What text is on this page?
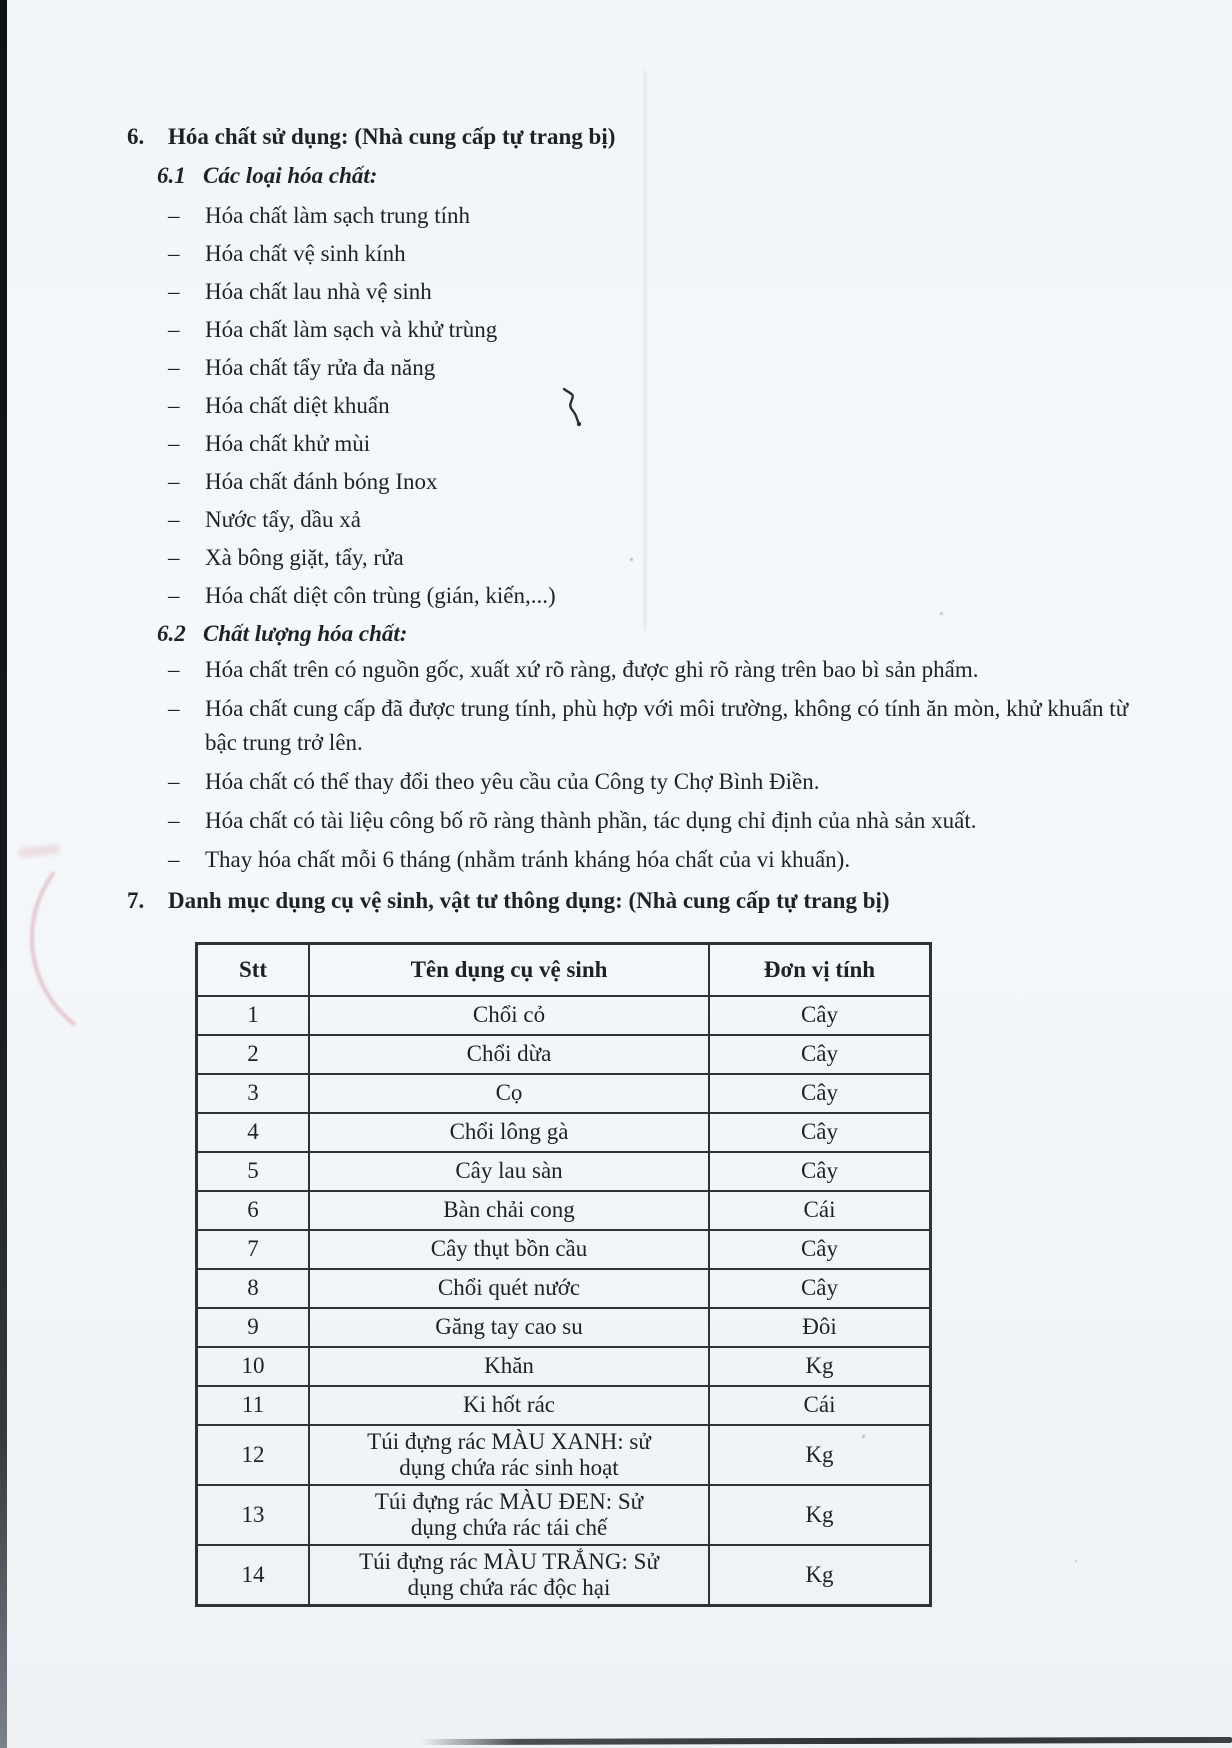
6.	Hóa chất sử dụng: (Nhà cung cấp tự trang bị)
6.1 Các loại hóa chất:
–	Hóa chất làm sạch trung tính
–	Hóa chất vệ sinh kính
–	Hóa chất lau nhà vệ sinh
–	Hóa chất làm sạch và khử trùng
–	Hóa chất tẩy rửa đa năng
–	Hóa chất diệt khuẩn
–	Hóa chất khử mùi
–	Hóa chất đánh bóng Inox
–	Nước tẩy, dầu xả
–	Xà bông giặt, tẩy, rửa
–	Hóa chất diệt côn trùng (gián, kiến,...)
6.2 Chất lượng hóa chất:
–	Hóa chất trên có nguồn gốc, xuất xứ rõ ràng, được ghi rõ ràng trên bao bì sản phẩm.
–	Hóa chất cung cấp đã được trung tính, phù hợp với môi trường, không có tính ăn mòn, khử khuẩn từ bậc trung trở lên.
–	Hóa chất có thể thay đổi theo yêu cầu của Công ty Chợ Bình Điền.
–	Hóa chất có tài liệu công bố rõ ràng thành phần, tác dụng chỉ định của nhà sản xuất.
–	Thay hóa chất mỗi 6 tháng (nhằm tránh kháng hóa chất của vi khuẩn).
7.	Danh mục dụng cụ vệ sinh, vật tư thông dụng: (Nhà cung cấp tự trang bị)
Stt	Tên dụng cụ vệ sinh	Đơn vị tính

1	Chổi cỏ	Cây

2	Chổi dừa	Cây

3	Cọ	Cây

4	Chổi lông gà	Cây

5	Cây lau sàn	Cây

6	Bàn chải cong	Cái

7	Cây thụt bồn cầu	Cây

8	Chổi quét nước	Cây

9	Găng tay cao su	Đôi

10	Khăn	Kg

11	Ki hốt rác	Cái

12	Túi đựng rác MÀU XANH: sử dụng chứa rác sinh hoạt	Kg

13	Túi đựng rác MÀU ĐEN: Sử dụng chứa rác tái chế	Kg

14	Túi đựng rác MÀU TRẮNG: Sử dụng chứa rác độc hại	Kg
